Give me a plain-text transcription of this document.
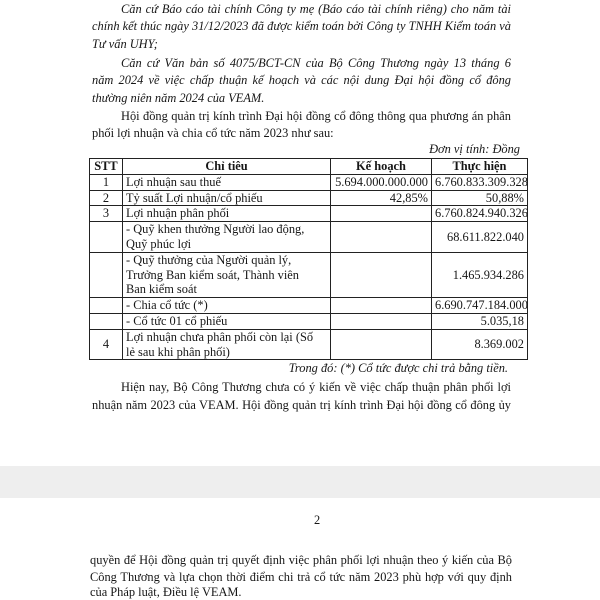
Căn cứ Báo cáo tài chính Công ty mẹ (Báo cáo tài chính riêng) cho năm tài
chính kết thúc ngày 31/12/2023 đã được kiểm toán bởi Công ty TNHH Kiểm toán và
Tư vấn UHY;
Căn cứ Văn bản số 4075/BCT-CN của Bộ Công Thương ngày 13 tháng 6
năm 2024 về việc chấp thuận kế hoạch và các nội dung Đại hội đồng cổ đông
thường niên năm 2024 của VEAM.
Hội đồng quản trị kính trình Đại hội đồng cổ đông thông qua phương án phân
phối lợi nhuận và chia cổ tức năm 2023 như sau:
Đơn vị tính: Đồng
STT	Chỉ tiêu	Kế hoạch	Thực hiện
1	Lợi nhuận sau thuế	5.694.000.000.000	6.760.833.309.328
2	Tỷ suất Lợi nhuận/cổ phiếu	42,85%	50,88%
3	Lợi nhuận phân phối		6.760.824.940.326

	- Quỹ khen thưởng Người lao động,
Quỹ phúc lợi		68.611.822.040

	- Quỹ thưởng của Người quản lý,
Trưởng Ban kiểm soát, Thành viên
Ban kiểm soát		1.465.934.286

	- Chia cổ tức (*)		6.690.747.184.000

	- Cổ tức 01 cổ phiếu		5.035,18
4	Lợi nhuận chưa phân phối còn lại (Số
lẻ sau khi phân phối)		8.369.002
Trong đó: (*) Cổ tức được chi trả bằng tiền.
Hiện nay, Bộ Công Thương chưa có ý kiến về việc chấp thuận phân phối lợi
nhuận năm 2023 của VEAM. Hội đồng quản trị kính trình Đại hội đồng cổ đông ủy
2
quyền để Hội đồng quản trị quyết định việc phân phối lợi nhuận theo ý kiến của Bộ
Công Thương và lựa chọn thời điểm chi trả cổ tức năm 2023 phù hợp với quy định
của Pháp luật, Điều lệ VEAM.
